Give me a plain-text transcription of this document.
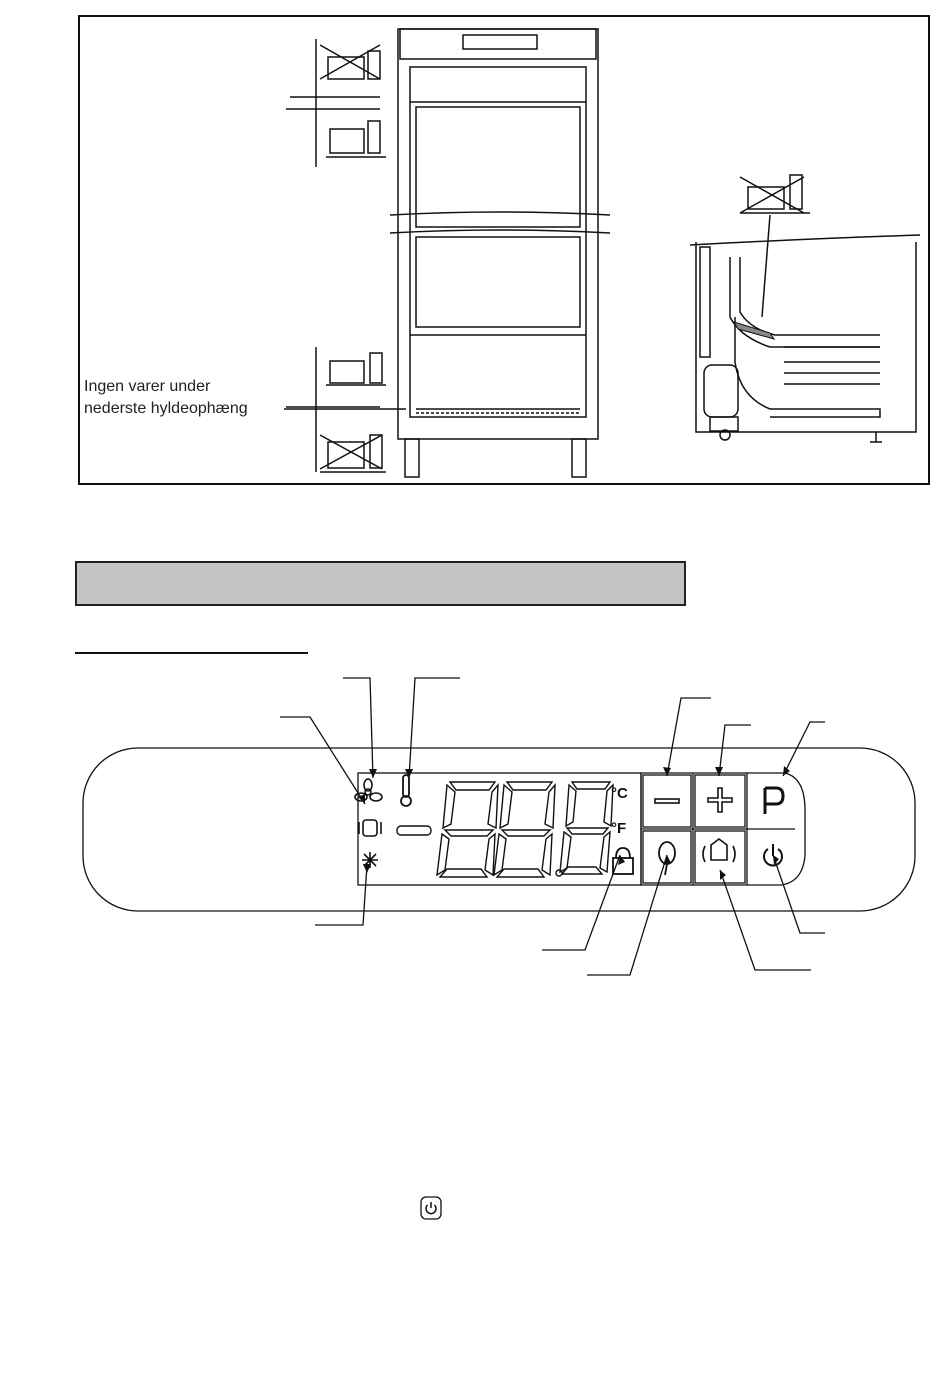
Ingen varer under
nederste hyldeophæng
°C
°F
